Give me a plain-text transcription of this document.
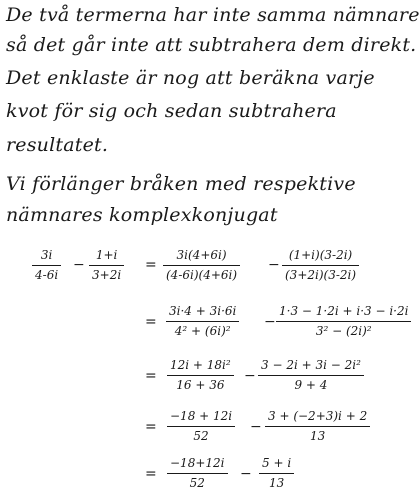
De två termerna har inte samma nämnare

så det går inte att subtrahera dem direkt.

Det enklaste är nog att beräkna varje

kvot för sig och sedan subtrahera

resultatet.

Vi förlänger bråken med respektive

nämnares komplexkonjugat

3i
4-6i
−
1+i
3+2i
=
3i(4+6i)
(4-6i)(4+6i)
−
(1+i)(3-2i)
(3+2i)(3-2i)
=
3i·4 + 3i·6i
4² + (6i)²
−
1·3 − 1·2i + i·3 − i·2i
3² − (2i)²
=
12i + 18i²
16 + 36
−
3 − 2i + 3i − 2i²
9 + 4
=
−18 + 12i
52
−
3 + (−2+3)i + 2
13
=
−18+12i
52
−
5 + i
13
